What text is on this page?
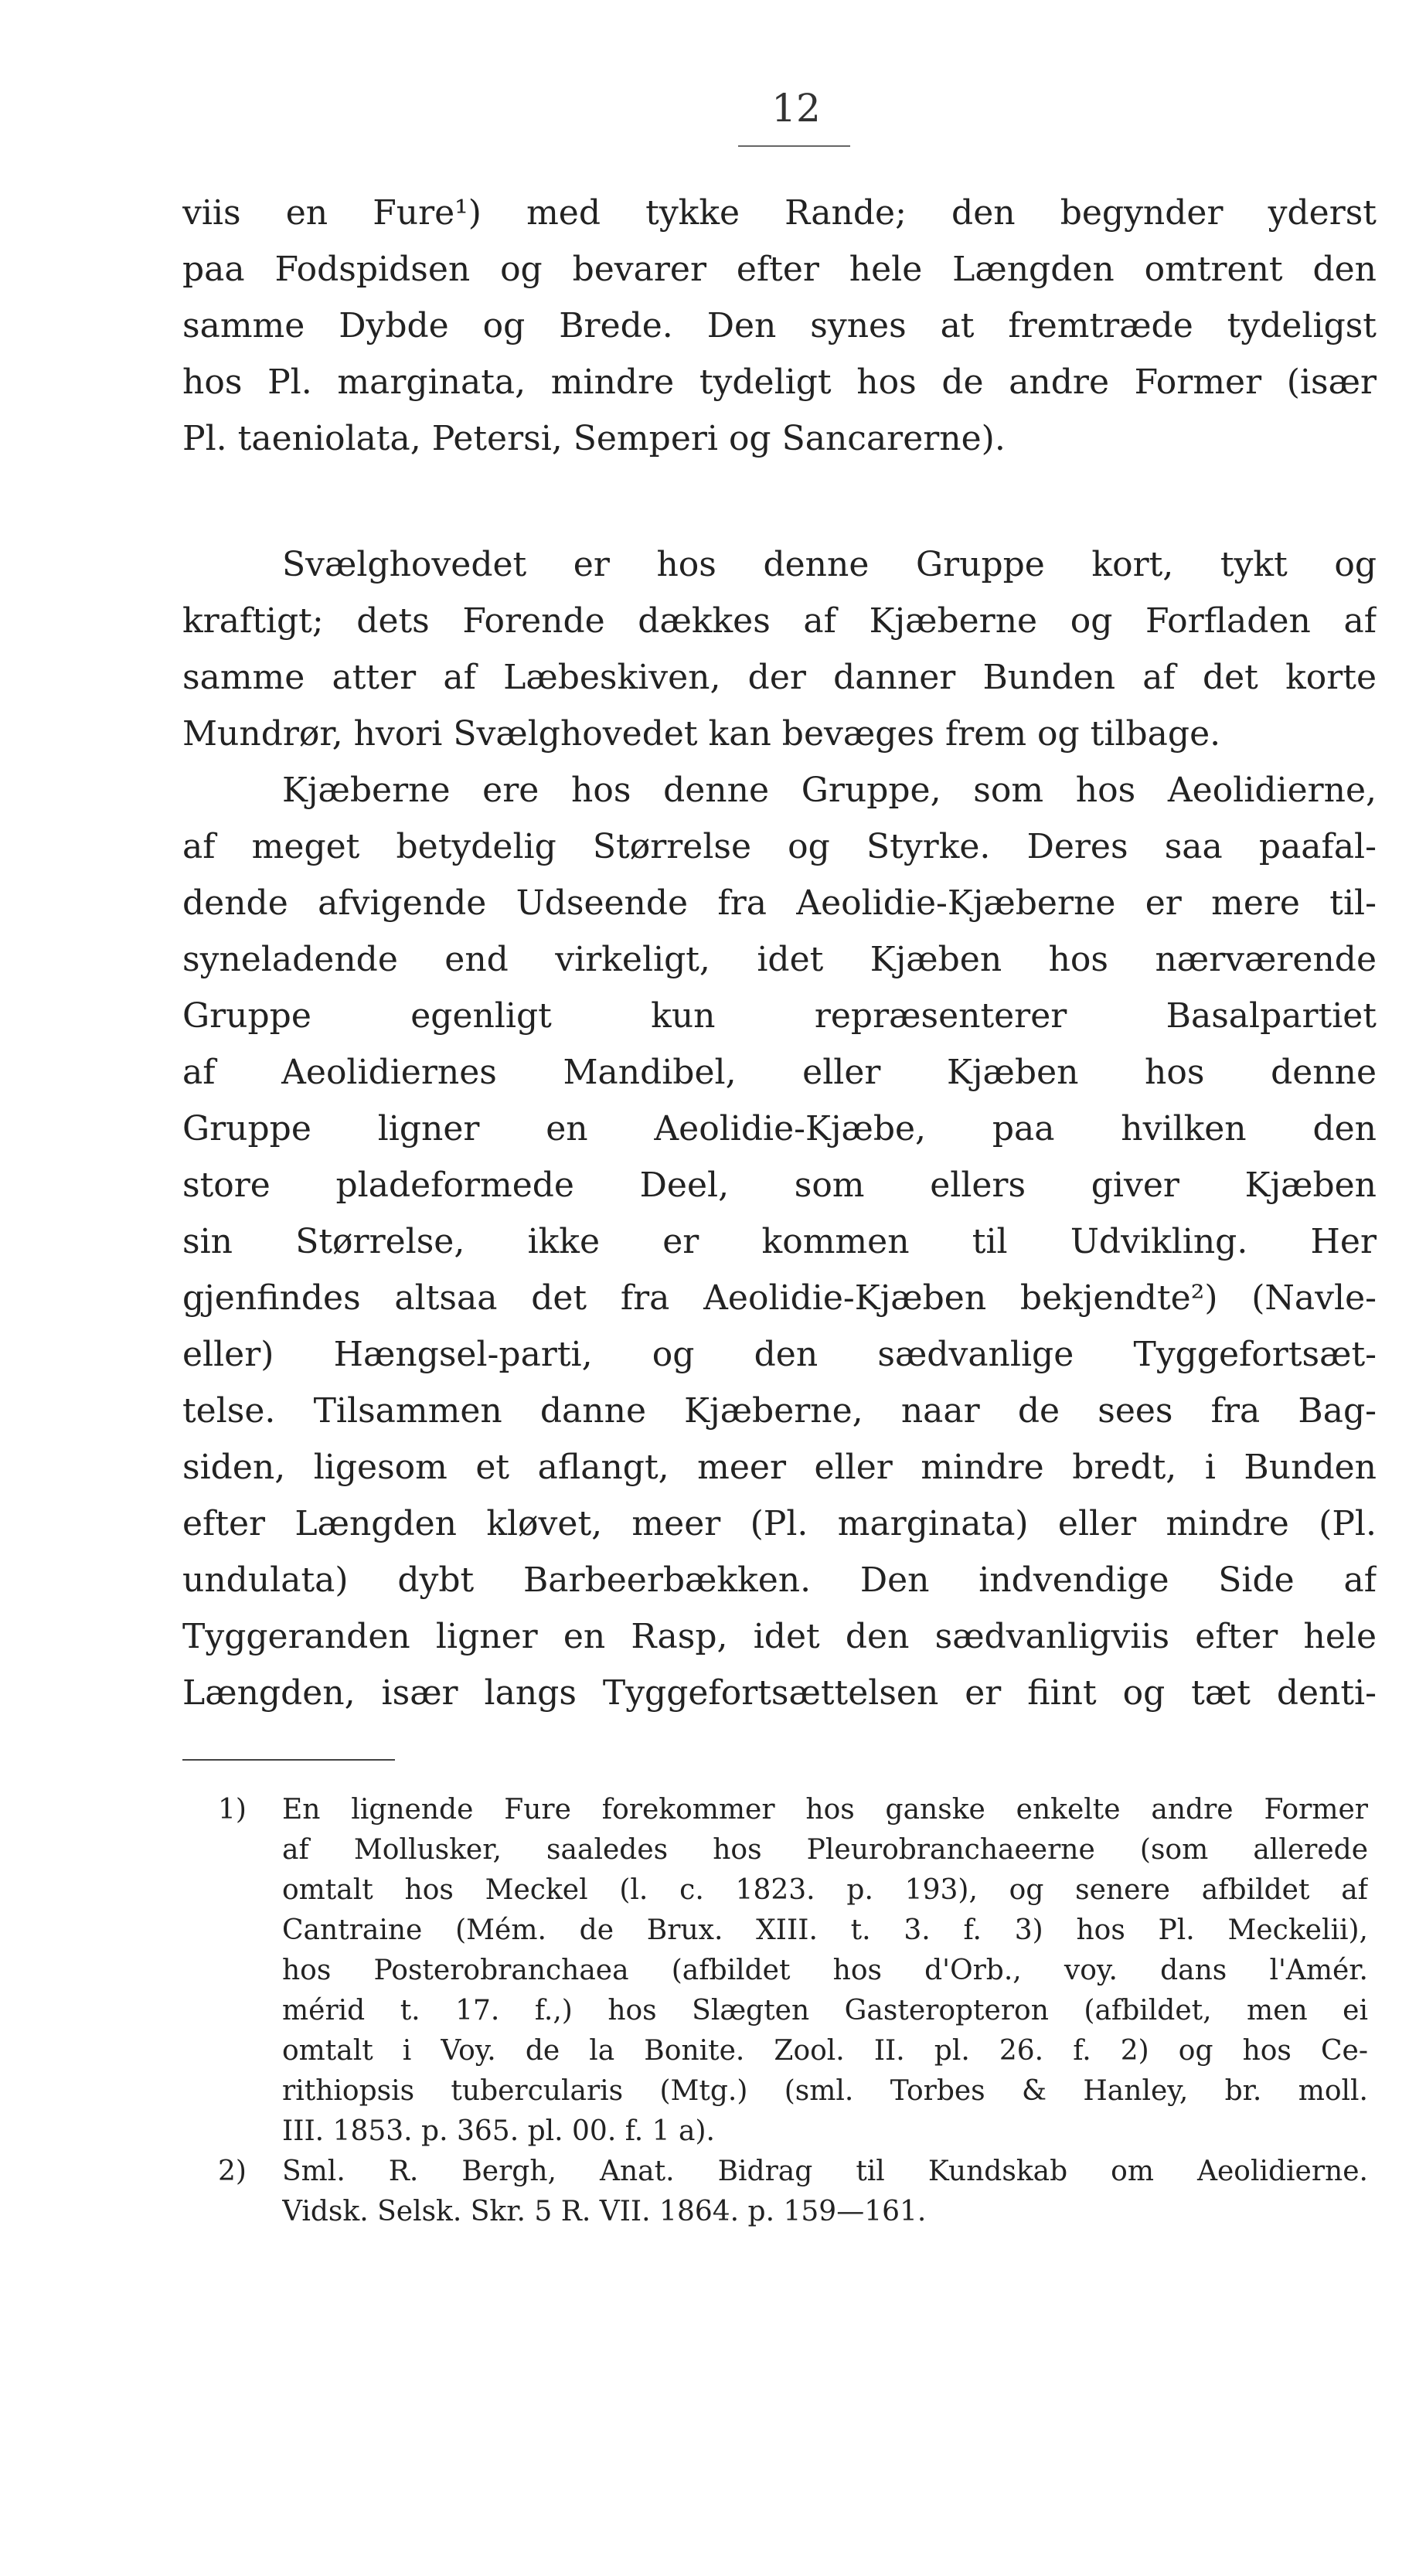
12
viis en Fure¹) med tykke Rande; den begynder yderst
paa Fodspidsen og bevarer efter hele Længden omtrent den
samme Dybde og Brede. Den synes at fremtræde tydeligst
hos Pl. marginata, mindre tydeligt hos de andre Former (især
Pl. taeniolata, Petersi, Semperi og Sancarerne).
Svælghovedet er hos denne Gruppe kort, tykt og
kraftigt; dets Forende dækkes af Kjæberne og Forfladen af
samme atter af Læbeskiven, der danner Bunden af det korte
Mundrør, hvori Svælghovedet kan bevæges frem og tilbage.
Kjæberne ere hos denne Gruppe, som hos Aeolidierne,
af meget betydelig Størrelse og Styrke. Deres saa paafal-
dende afvigende Udseende fra Aeolidie-Kjæberne er mere til-
syneladende end virkeligt, idet Kjæben hos nærværende
Gruppe egenligt kun repræsenterer Basalpartiet
af Aeolidiernes Mandibel, eller Kjæben hos denne
Gruppe ligner en Aeolidie-Kjæbe, paa hvilken den
store pladeformede Deel, som ellers giver Kjæben
sin Størrelse, ikke er kommen til Udvikling. Her
gjenfindes altsaa det fra Aeolidie-Kjæben bekjendte²) (Navle-
eller) Hængsel-parti, og den sædvanlige Tyggefortsæt-
telse. Tilsammen danne Kjæberne, naar de sees fra Bag-
siden, ligesom et aflangt, meer eller mindre bredt, i Bunden
efter Længden kløvet, meer (Pl. marginata) eller mindre (Pl.
undulata) dybt Barbeerbækken. Den indvendige Side af
Tyggeranden ligner en Rasp, idet den sædvanligviis efter hele
Længden, især langs Tyggefortsættelsen er fiint og tæt denti-
1) En lignende Fure forekommer hos ganske enkelte andre Former
af Mollusker, saaledes hos Pleurobranchaeerne (som allerede
omtalt hos Meckel (l. c. 1823. p. 193), og senere afbildet af
Cantraine (Mém. de Brux. XIII. t. 3. f. 3) hos Pl. Meckelii),
hos Posterobranchaea (afbildet hos d'Orb., voy. dans l'Amér.
mérid t. 17. f.,) hos Slægten Gasteropteron (afbildet, men ei
omtalt i Voy. de la Bonite. Zool. II. pl. 26. f. 2) og hos Ce-
rithiopsis tubercularis (Mtg.) (sml. Torbes & Hanley, br. moll.
III. 1853. p. 365. pl. 00. f. 1 a).
2) Sml. R. Bergh, Anat. Bidrag til Kundskab om Aeolidierne.
Vidsk. Selsk. Skr. 5 R. VII. 1864. p. 159—161.
